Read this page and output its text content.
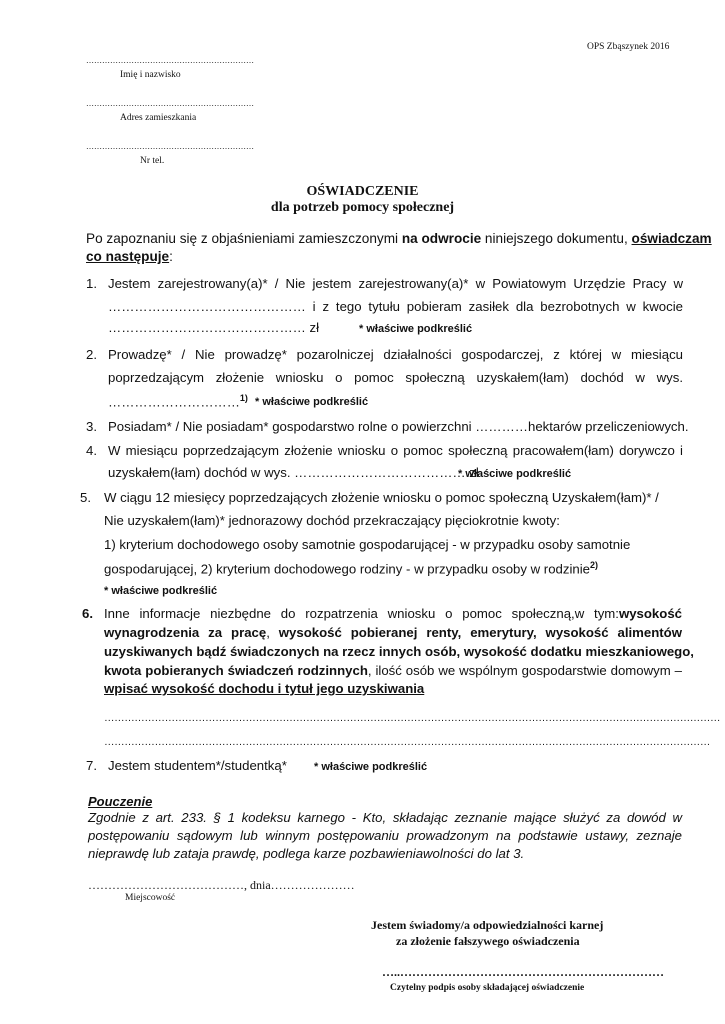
OPS Zbąszynek 2016
………………………………………………………
Imię i nazwisko
………………………………………………………
Adres zamieszkania
………………………………………………………
Nr tel.
OŚWIADCZENIE
dla potrzeb pomocy społecznej
Po zapoznaniu się z objaśnieniami zamieszczonymi na odwrocie niniejszego dokumentu, oświadczam
co następuje:
1. Jestem zarejestrowany(a)* / Nie jestem zarejestrowany(a)* w Powiatowym Urzędzie Pracy w
……………………………………… i z tego tytułu pobieram zasiłek dla bezrobotnych w kwocie
……………………………………… zł	* właściwe podkreślić
2. Prowadzę* / Nie prowadzę* pozarolniczej działalności gospodarczej, z której w miesiącu
poprzedzającym złożenie wniosku o pomoc społeczną uzyskałem(łam) dochód w wys.
…………………………$^{1)}$ * właściwe podkreślić
3. Posiadam* / Nie posiadam* gospodarstwo rolne o powierzchni …………hektarów przeliczeniowych.
4. W miesiącu poprzedzającym złożenie wniosku o pomoc społeczną pracowałem(łam) dorywczo i
uzyskałem(łam) dochód w wys. ………………………………… zł
* właściwe podkreślić
5. W ciągu 12 miesięcy poprzedzających złożenie wniosku o pomoc społeczną Uzyskałem(łam)* /
Nie uzyskałem(łam)* jednorazowy dochód przekraczający pięciokrotnie kwoty:
1) kryterium dochodowego osoby samotnie gospodarującej - w przypadku osoby samotnie
gospodarującej, 2) kryterium dochodowego rodziny - w przypadku osoby w rodzinie$^{2)}$
* właściwe podkreślić
6. Inne informacje niezbędne do rozpatrzenia wniosku o pomoc społeczną,w tym:wysokość
wynagrodzenia za pracę, wysokość pobieranej renty, emerytury, wysokość alimentów
uzyskiwanych bądź świadczonych na rzecz innych osób, wysokość dodatku mieszkaniowego,
kwota pobieranych świadczeń rodzinnych, ilość osób we wspólnym gospodarstwie domowym –
wpisać wysokość dochodu i tytuł jego uzyskiwania
…………………………………………………………………………………………………………………………………………………………………
………………………………………………………………………………………………………………………………………………………………
7. Jestem studentem*/studentką* * właściwe podkreślić
Pouczenie
Zgodnie z art. 233. § 1 kodeksu karnego - Kto, składając zeznanie mające służyć za dowód w
postępowaniu sądowym lub winnym postępowaniu prowadzonym na podstawie ustawy, zeznaje
nieprawdę lub zataja prawdę, podlega karze pozbawieniawolności do lat 3.
…………………………………, dnia…………………
Miejscowość
Jestem świadomy/a odpowiedzialności karnej
za złożenie fałszywego oświadczenia
…..…………………………………………………………
Czytelny podpis osoby składającej oświadczenie
